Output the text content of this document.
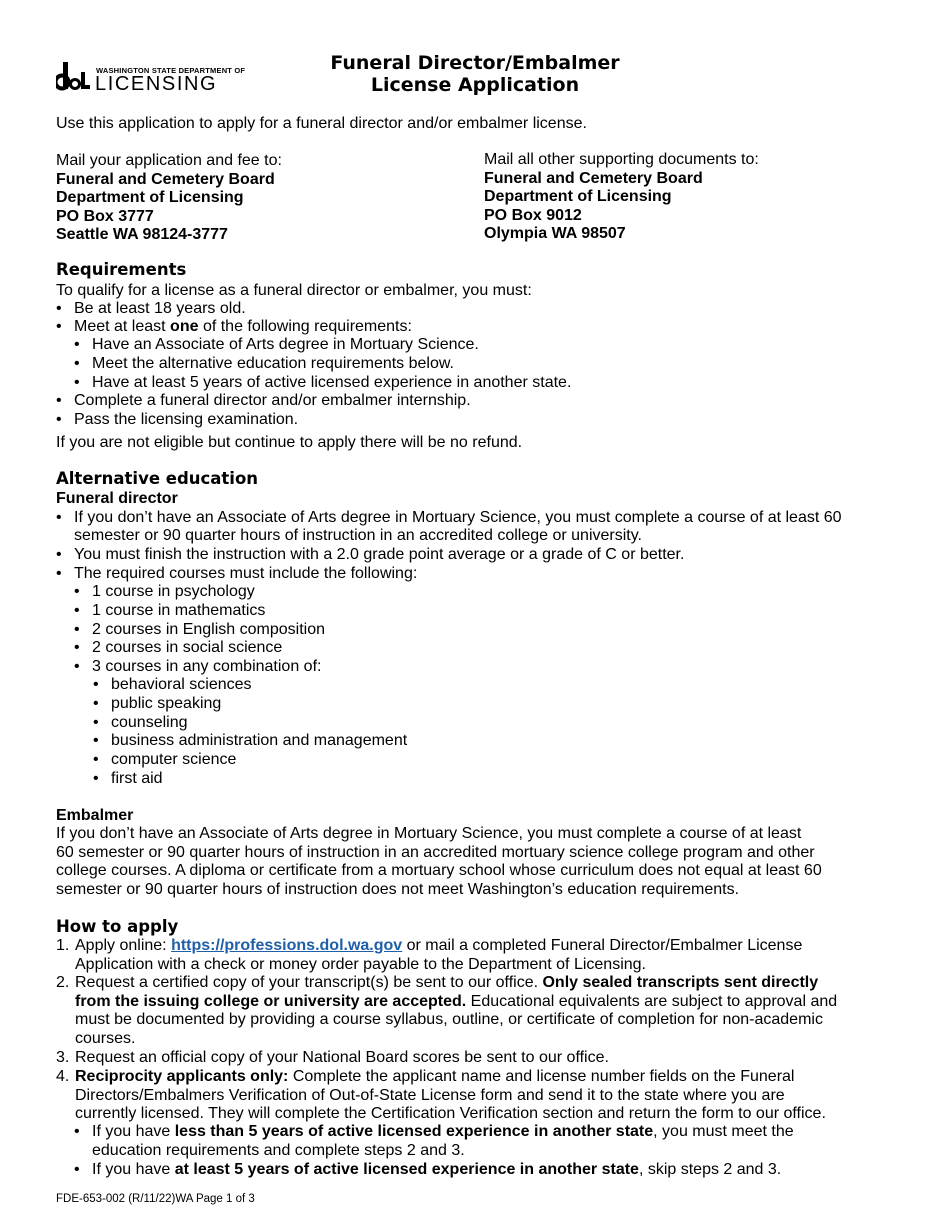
WASHINGTON STATE DEPARTMENT OF
LICENSING
Funeral Director/Embalmer
License Application
Use this application to apply for a funeral director and/or embalmer license.
Mail your application and fee to:
Funeral and Cemetery Board
Department of Licensing
PO Box 3777
Seattle WA 98124-3777
Mail all other supporting documents to:
Funeral and Cemetery Board
Department of Licensing
PO Box 9012
Olympia WA 98507
Requirements
To qualify for a license as a funeral director or embalmer, you must:
• Be at least 18 years old.
• Meet at least one of the following requirements:
• Have an Associate of Arts degree in Mortuary Science.
• Meet the alternative education requirements below.
• Have at least 5 years of active licensed experience in another state.
• Complete a funeral director and/or embalmer internship.
• Pass the licensing examination.
If you are not eligible but continue to apply there will be no refund.
Alternative education
Funeral director
• If you don’t have an Associate of Arts degree in Mortuary Science, you must complete a course of at least 60
semester or 90 quarter hours of instruction in an accredited college or university.
• You must finish the instruction with a 2.0 grade point average or a grade of C or better.
• The required courses must include the following:
• 1 course in psychology
• 1 course in mathematics
• 2 courses in English composition
• 2 courses in social science
• 3 courses in any combination of:
• behavioral sciences
• public speaking
• counseling
• business administration and management
• computer science
• first aid
Embalmer
If you don’t have an Associate of Arts degree in Mortuary Science, you must complete a course of at least
60 semester or 90 quarter hours of instruction in an accredited mortuary science college program and other
college courses. A diploma or certificate from a mortuary school whose curriculum does not equal at least 60
semester or 90 quarter hours of instruction does not meet Washington’s education requirements.
How to apply
1. Apply online: https://professions.dol.wa.gov or mail a completed Funeral Director/Embalmer License
Application with a check or money order payable to the Department of Licensing.
2. Request a certified copy of your transcript(s) be sent to our office. Only sealed transcripts sent directly
from the issuing college or university are accepted. Educational equivalents are subject to approval and
must be documented by providing a course syllabus, outline, or certificate of completion for non-academic
courses.
3. Request an official copy of your National Board scores be sent to our office.
4. Reciprocity applicants only: Complete the applicant name and license number fields on the Funeral
Directors/Embalmers Verification of Out-of-State License form and send it to the state where you are
currently licensed. They will complete the Certification Verification section and return the form to our office.
• If you have less than 5 years of active licensed experience in another state, you must meet the
education requirements and complete steps 2 and 3.
• If you have at least 5 years of active licensed experience in another state, skip steps 2 and 3.
FDE-653-002 (R/11/22)WA Page 1 of 3
